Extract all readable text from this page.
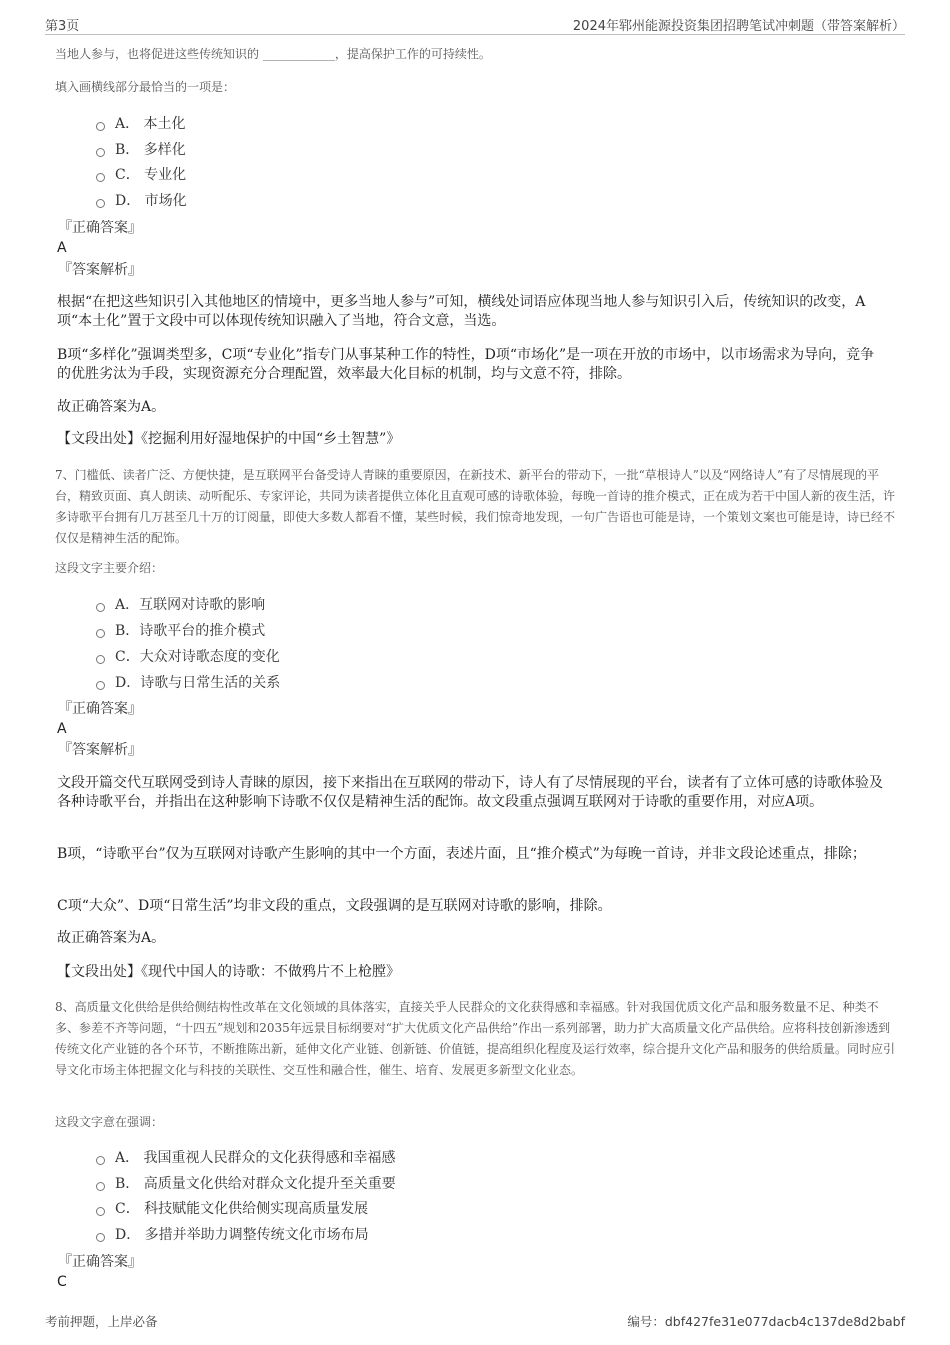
第3页	2024年郓州能源投资集团招聘笔试冲刺题（带答案解析）
当地人参与，也将促进这些传统知识的 ____________，提高保护工作的可持续性。
填入画横线部分最恰当的一项是：
A． 本土化
B． 多样化
C． 专业化
D． 市场化
『正确答案』
A
『答案解析』
根据“在把这些知识引入其他地区的情境中，更多当地人参与”可知，横线处词语应体现当地人参与知识引入后，传统知识的改变，A项“本土化”置于文段中可以体现传统知识融入了当地，符合文意，当选。
B项“多样化”强调类型多，C项“专业化”指专门从事某种工作的特性，D项“市场化”是一项在开放的市场中，以市场需求为导向，竞争的优胜劣汰为手段，实现资源充分合理配置，效率最大化目标的机制，均与文意不符，排除。
故正确答案为A。
【文段出处】《挖掘利用好湿地保护的中国“乡土智慧”》
7、门槛低、读者广泛、方便快捷，是互联网平台备受诗人青睐的重要原因，在新技术、新平台的带动下，一批“草根诗人”以及“网络诗人”有了尽情展现的平台，精致页面、真人朗读、动听配乐、专家评论，共同为读者提供立体化且直观可感的诗歌体验，每晚一首诗的推介模式，正在成为若干中国人新的夜生活，许多诗歌平台拥有几万甚至几十万的订阅量，即使大多数人都看不懂，某些时候，我们惊奇地发现，一句广告语也可能是诗，一个策划文案也可能是诗，诗已经不仅仅是精神生活的配饰。
这段文字主要介绍：
A．互联网对诗歌的影响
B．诗歌平台的推介模式
C．大众对诗歌态度的变化
D．诗歌与日常生活的关系
『正确答案』
A
『答案解析』
文段开篇交代互联网受到诗人青睐的原因，接下来指出在互联网的带动下，诗人有了尽情展现的平台，读者有了立体可感的诗歌体验及各种诗歌平台，并指出在这种影响下诗歌不仅仅是精神生活的配饰。故文段重点强调互联网对于诗歌的重要作用，对应A项。
B项，“诗歌平台”仅为互联网对诗歌产生影响的其中一个方面，表述片面，且“推介模式”为每晚一首诗，并非文段论述重点，排除；
C项“大众”、D项“日常生活”均非文段的重点，文段强调的是互联网对诗歌的影响，排除。
故正确答案为A。
【文段出处】《现代中国人的诗歌：不做鸦片不上枪膛》
8、高质量文化供给是供给侧结构性改革在文化领域的具体落实，直接关乎人民群众的文化获得感和幸福感。针对我国优质文化产品和服务数量不足、种类不多、参差不齐等问题，“十四五”规划和2035年远景目标纲要对“扩大优质文化产品供给”作出一系列部署，助力扩大高质量文化产品供给。应将科技创新渗透到传统文化产业链的各个环节，不断推陈出新，延伸文化产业链、创新链、价值链，提高组织化程度及运行效率，综合提升文化产品和服务的供给质量。同时应引导文化市场主体把握文化与科技的关联性、交互性和融合性，催生、培育、发展更多新型文化业态。
这段文字意在强调：
A． 我国重视人民群众的文化获得感和幸福感
B． 高质量文化供给对群众文化提升至关重要
C． 科技赋能文化供给侧实现高质量发展
D． 多措并举助力调整传统文化市场布局
『正确答案』
C
考前押题，上岸必备	编号：dbf427fe31e077dacb4c137de8d2babf
